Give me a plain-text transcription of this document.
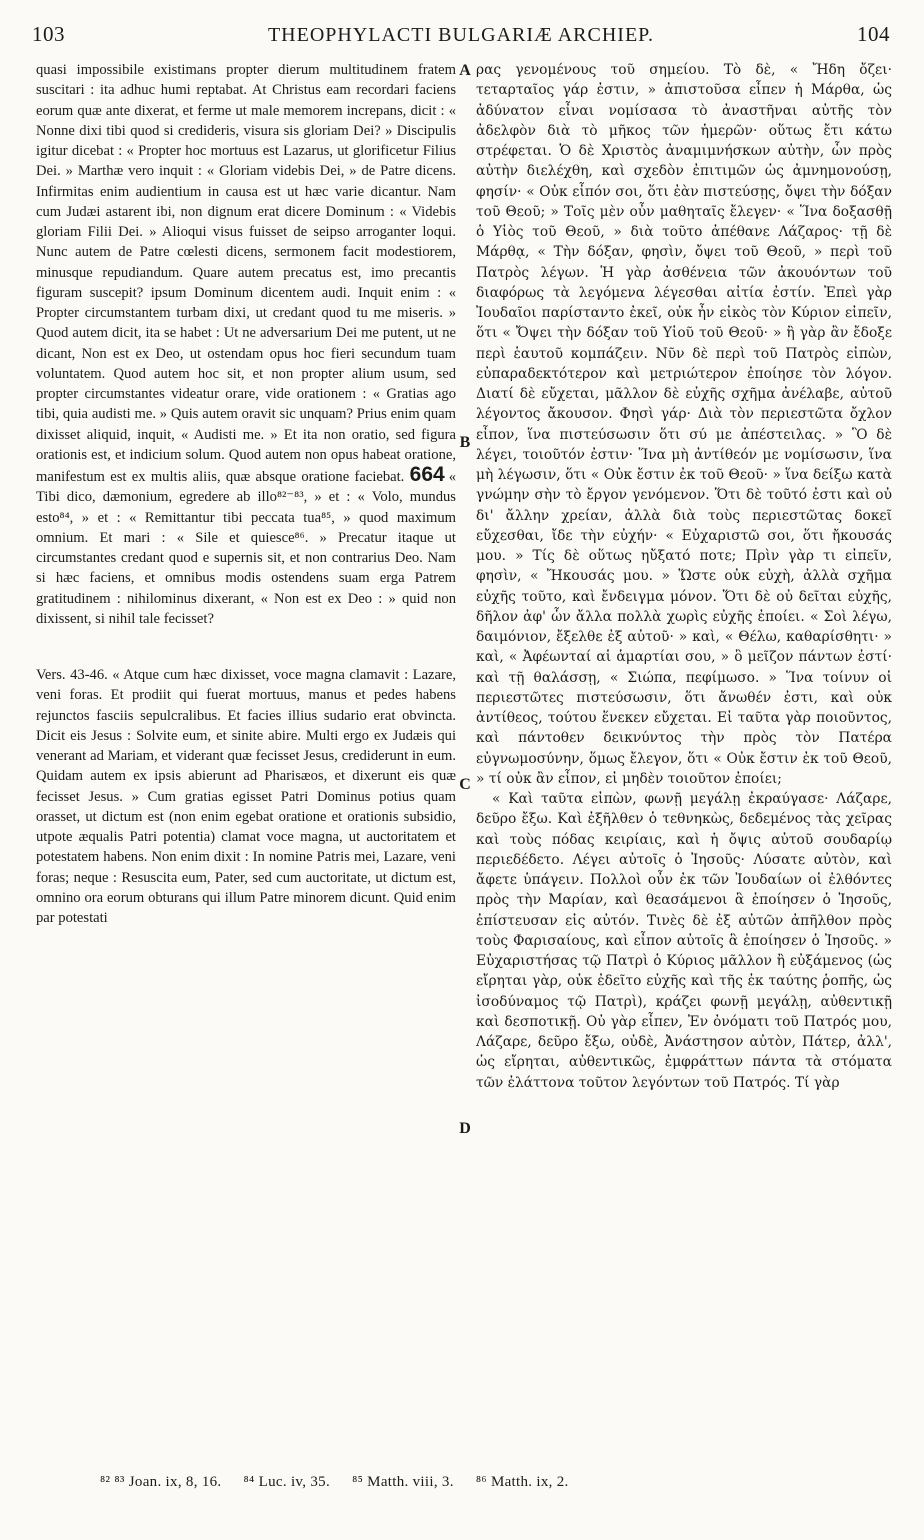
103	THEOPHYLACTI BULGARIÆ ARCHIEP.	104

quasi impossibile existimans propter dierum multitudinem fratem suscitari : ita adhuc humi reptabat. At Christus eam recordari faciens eorum quæ ante dixerat, et ferme ut male memorem increpans, dicit : « Nonne dixi tibi quod si credideris, visura sis gloriam Dei? » Discipulis igitur dicebat : « Propter hoc mortuus est Lazarus, ut glorificetur Filius Dei. » Marthæ vero inquit : « Gloriam videbis Dei, » de Patre dicens. Infirmitas enim audientium in causa est ut hæc varie dicantur. Nam cum Judæi astarent ibi, non dignum erat dicere Dominum : « Videbis gloriam Filii Dei. » Alioqui visus fuisset de seipso arroganter loqui. Nunc autem de Patre cœlesti dicens, sermonem facit modestiorem, minusque repudiandum. Quare autem precatus est, imo precantis figuram suscepit? ipsum Dominum dicentem audi. Inquit enim : « Propter circumstantem turbam dixi, ut credant quod tu me miseris. » Quod autem dicit, ita se habet : Ut ne adversarium Dei me putent, ut ne dicant, Non est ex Deo, ut ostendam opus hoc fieri secundum tuam voluntatem. Quod autem hoc sit, et non propter alium usum, sed propter circumstantes videatur orare, vide orationem : « Gratias ago tibi, quia audisti me. » Quis autem oravit sic unquam? Prius enim quam dixisset aliquid, inquit, « Audisti me. » Et ita non oratio, sed figura orationis est, et indicium solum. Quod autem non opus habeat oratione, manifestum est ex multis aliis, quæ absque oratione faciebat. 664 « Tibi dico, dæmonium, egredere ab illo⁸²⁻⁸³, » et : « Volo, mundus esto⁸⁴, » et : « Remittantur tibi peccata tua⁸⁵, » quod maximum omnium. Et mari : « Sile et quiesce⁸⁶. » Precatur itaque ut circumstantes credant quod e supernis sit, et non contrarius Deo. Nam si hæc faciens, et omnibus modis ostendens suam erga Patrem gratitudinem : nihilominus dixerant, « Non est ex Deo : » quid non dixissent, si nihil tale fecisset?

Vers. 43-46. « Atque cum hæc dixisset, voce magna clamavit : Lazare, veni foras. Et prodiit qui fuerat mortuus, manus et pedes habens rejunctos fasciis sepulcralibus. Et facies illius sudario erat obvincta. Dicit eis Jesus : Solvite eum, et sinite abire. Multi ergo ex Judæis qui venerant ad Mariam, et viderant quæ fecisset Jesus, crediderunt in eum. Quidam autem ex ipsis abierunt ad Pharisæos, et dixerunt eis quæ fecisset Jesus. » Cum gratias egisset Patri Dominus potius quam orasset, ut dictum est (non enim egebat oratione et orationis subsidio, utpote æqualis Patri potentia) clamat voce magna, ut auctoritatem et potestatem habens. Non enim dixit : In nomine Patris mei, Lazare, veni foras; neque : Resuscita eum, Pater, sed cum auctoritate, ut dictum est, omnino ora eorum obturans qui illum Patre minorem dicunt. Quid enim par potestati

A
B
C
D

ρας γενομένους τοῦ σημείου. Τὸ δὲ, « Ἤδη ὄζει· τεταρταῖος γάρ ἐστιν, » ἀπιστοῦσα εἶπεν ἡ Μάρθα, ὡς ἀδύνατον εἶναι νομίσασα τὸ ἀναστῆναι αὐτῆς τὸν ἀδελφὸν διὰ τὸ μῆκος τῶν ἡμερῶν· οὕτως ἔτι κάτω στρέφεται. Ὁ δὲ Χριστὸς ἀναμιμνήσκων αὐτὴν, ὧν πρὸς αὐτὴν διελέχθη, καὶ σχεδὸν ἐπιτιμῶν ὡς ἀμνημονούσῃ, φησίν· « Οὐκ εἶπόν σοι, ὅτι ἐὰν πιστεύσῃς, ὄψει τὴν δόξαν τοῦ Θεοῦ; » Τοῖς μὲν οὖν μαθηταῖς ἔλεγεν· « Ἵνα δοξασθῇ ὁ Υἱὸς τοῦ Θεοῦ, » διὰ τοῦτο ἀπέθανε Λάζαρος· τῇ δὲ Μάρθᾳ, « Τὴν δόξαν, φησὶν, ὄψει τοῦ Θεοῦ, » περὶ τοῦ Πατρὸς λέγων. Ἡ γὰρ ἀσθένεια τῶν ἀκουόντων τοῦ διαφόρως τὰ λεγόμενα λέγεσθαι αἰτία ἐστίν. Ἐπεὶ γὰρ Ἰουδαῖοι παρίσταντο ἐκεῖ, οὐκ ἦν εἰκὸς τὸν Κύριον εἰπεῖν, ὅτι « Ὄψει τὴν δόξαν τοῦ Υἱοῦ τοῦ Θεοῦ· » ἢ γὰρ ἂν ἔδοξε περὶ ἑαυτοῦ κομπάζειν. Νῦν δὲ περὶ τοῦ Πατρὸς εἰπὼν, εὐπαραδεκτότερον καὶ μετριώτερον ἐποίησε τὸν λόγον. Διατί δὲ εὔχεται, μᾶλλον δὲ εὐχῆς σχῆμα ἀνέλαβε, αὐτοῦ λέγοντος ἄκουσον. Φησὶ γάρ· Διὰ τὸν περιεστῶτα ὄχλον εἶπον, ἵνα πιστεύσωσιν ὅτι σύ με ἀπέστειλας. » Ὃ δὲ λέγει, τοιοῦτόν ἐστιν· Ἵνα μὴ ἀντίθεόν με νομίσωσιν, ἵνα μὴ λέγωσιν, ὅτι « Οὐκ ἔστιν ἐκ τοῦ Θεοῦ· » ἵνα δείξω κατὰ γνώμην σὴν τὸ ἔργον γενόμενον. Ὅτι δὲ τοῦτό ἐστι καὶ οὐ δι' ἄλλην χρείαν, ἀλλὰ διὰ τοὺς περιεστῶτας δοκεῖ εὔχεσθαι, ἴδε τὴν εὐχήν· « Εὐχαριστῶ σοι, ὅτι ἤκουσάς μου. » Τίς δὲ οὕτως ηὔξατό ποτε; Πρὶν γὰρ τι εἰπεῖν, φησὶν, « Ἤκουσάς μου. » Ὥστε οὐκ εὐχὴ, ἀλλὰ σχῆμα εὐχῆς τοῦτο, καὶ ἔνδειγμα μόνον. Ὅτι δὲ οὐ δεῖται εὐχῆς, δῆλον ἀφ' ὧν ἄλλα πολλὰ χωρὶς εὐχῆς ἐποίει. « Σοὶ λέγω, δαιμόνιον, ἔξελθε ἐξ αὐτοῦ· » καὶ, « Θέλω, καθαρίσθητι· » καὶ, « Ἀφέωνταί αἱ ἁμαρτίαι σου, » ὃ μεῖζον πάντων ἐστί· καὶ τῇ θαλάσσῃ, « Σιώπα, πεφίμωσο. » Ἵνα τοίνυν οἱ περιεστῶτες πιστεύσωσιν, ὅτι ἄνωθέν ἐστι, καὶ οὐκ ἀντίθεος, τούτου ἕνεκεν εὔχεται. Εἰ ταῦτα γὰρ ποιοῦντος, καὶ πάντοθεν δεικνύντος τὴν πρὸς τὸν Πατέρα εὐγνωμοσύνην, ὅμως ἔλεγον, ὅτι « Οὐκ ἔστιν ἐκ τοῦ Θεοῦ, » τί οὐκ ἂν εἶπον, εἰ μηδὲν τοιοῦτον ἐποίει;

« Καὶ ταῦτα εἰπὼν, φωνῇ μεγάλῃ ἐκραύγασε· Λάζαρε, δεῦρο ἔξω. Καὶ ἐξῆλθεν ὁ τεθνηκὼς, δεδεμένος τὰς χεῖρας καὶ τοὺς πόδας κειρίαις, καὶ ἡ ὄψις αὐτοῦ σουδαρίῳ περιεδέδετο. Λέγει αὐτοῖς ὁ Ἰησοῦς· Λύσατε αὐτὸν, καὶ ἄφετε ὑπάγειν. Πολλοὶ οὖν ἐκ τῶν Ἰουδαίων οἱ ἐλθόντες πρὸς τὴν Μαρίαν, καὶ θεασάμενοι ἃ ἐποίησεν ὁ Ἰησοῦς, ἐπίστευσαν εἰς αὐτόν. Τινὲς δὲ ἐξ αὐτῶν ἀπῆλθον πρὸς τοὺς Φαρισαίους, καὶ εἶπον αὐτοῖς ἃ ἐποίησεν ὁ Ἰησοῦς. » Εὐχαριστήσας τῷ Πατρὶ ὁ Κύριος μᾶλλον ἢ εὐξάμενος (ὡς εἴρηται γὰρ, οὐκ ἐδεῖτο εὐχῆς καὶ τῆς ἐκ ταύτης ῥοπῆς, ὡς ἰσοδύναμος τῷ Πατρὶ), κράζει φωνῇ μεγάλῃ, αὐθεντικῇ καὶ δεσποτικῇ. Οὐ γὰρ εἶπεν, Ἐν ὀνόματι τοῦ Πατρός μου, Λάζαρε, δεῦρο ἔξω, οὐδὲ, Ἀνάστησον αὐτὸν, Πάτερ, ἀλλ', ὡς εἴρηται, αὐθεντικῶς, ἐμφράττων πάντα τὰ στόματα τῶν ἐλάττονα τοῦτον λεγόντων τοῦ Πατρός. Τί γὰρ

⁸² ⁸³ Joan. ix, 8, 16. ⁸⁴ Luc. iv, 35. ⁸⁵ Matth. viii, 3. ⁸⁶ Matth. ix, 2.
